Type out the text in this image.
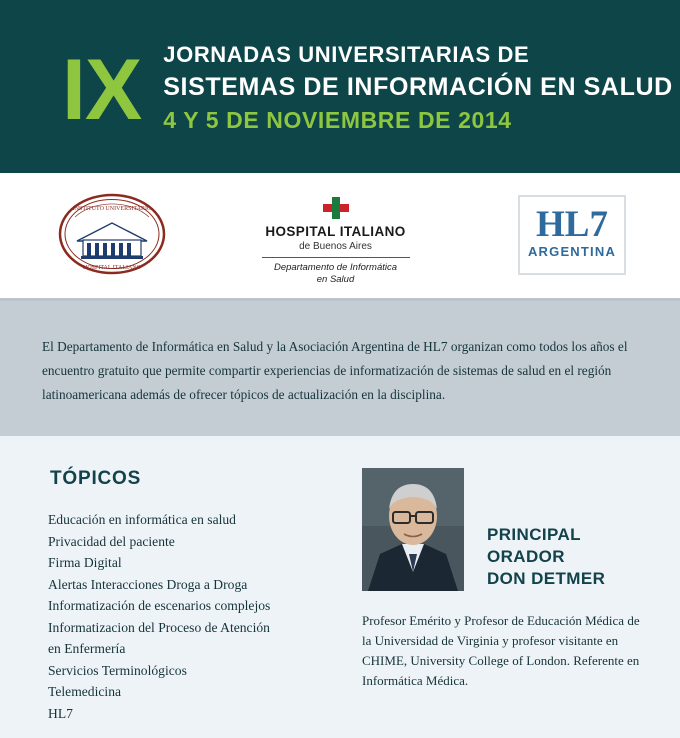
IX JORNADAS UNIVERSITARIAS DE
SISTEMAS DE INFORMACIÓN EN SALUD
4 Y 5 DE NOVIEMBRE DE 2014
INSTITUTO UNIVERSITARIO
HOSPITAL ITALIANO
HOSPITAL ITALIANO
de Buenos Aires
Departamento de Informática
en Salud
HL7
ARGENTINA

El Departamento de Informática en Salud y la Asociación Argentina de HL7 organizan como todos los años el encuentro gratuito que permite compartir experiencias de informatización de sistemas de salud en el región latinoamericana además de ofrecer tópicos de actualización en la disciplina.

TÓPICOS
Educación en informática en salud
Privacidad del paciente
Firma Digital
Alertas Interacciones Droga a Droga
Informatización de escenarios complejos
Informatizacion del Proceso de Atención
en Enfermería
Servicios Terminológicos
Telemedicina
HL7
PRINCIPAL
ORADOR
DON DETMER
Profesor Emérito y Profesor de Educación Médica de la Universidad de Virginia y profesor visitante en CHIME, University College of London. Referente en Informática Médica.
